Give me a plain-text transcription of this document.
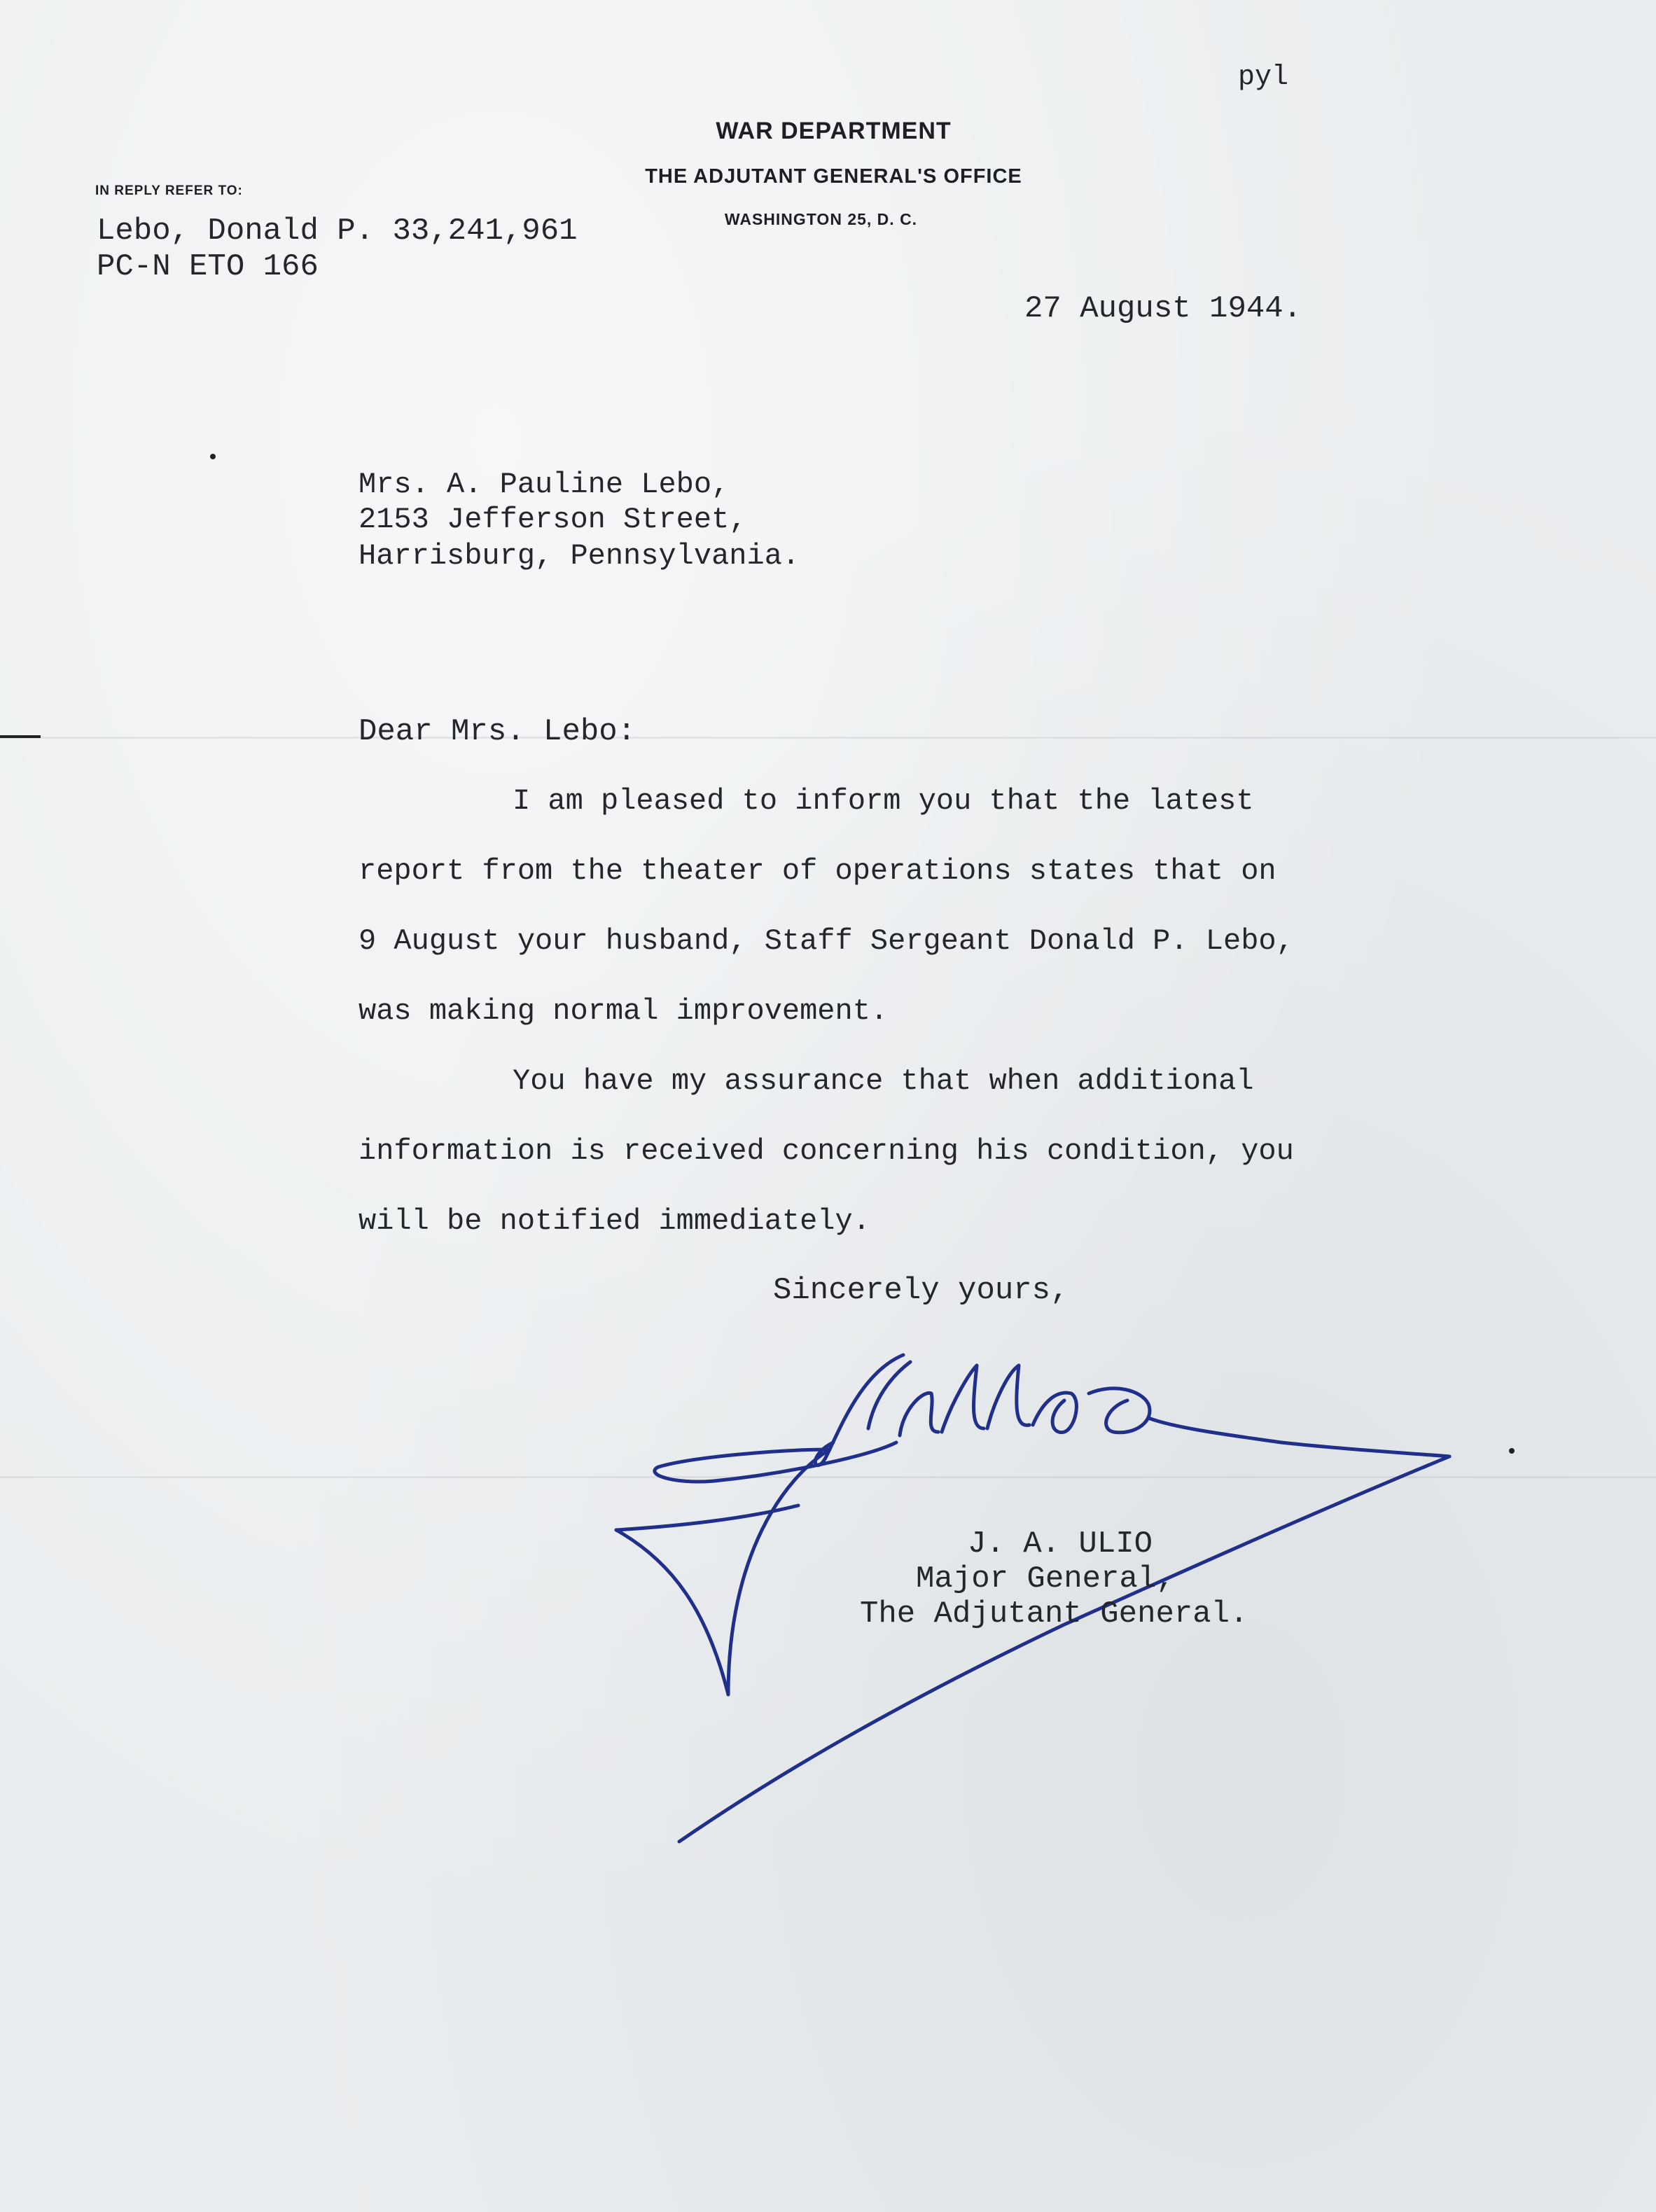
WAR DEPARTMENT
THE ADJUTANT GENERAL'S OFFICE
WASHINGTON 25, D. C.
IN REPLY REFER TO:
Lebo, Donald P. 33,241,961
PC-N ETO 166
pyl
27 August 1944.
Mrs. A. Pauline Lebo,
2153 Jefferson Street,
Harrisburg, Pennsylvania.
Dear Mrs. Lebo:
I am pleased to inform you that the latest
report from the theater of operations states that on
9 August your husband, Staff Sergeant Donald P. Lebo,
was making normal improvement.
You have my assurance that when additional
information is received concerning his condition, you
will be notified immediately.
Sincerely yours,
J. A. ULIO
Major General,
The Adjutant General.
